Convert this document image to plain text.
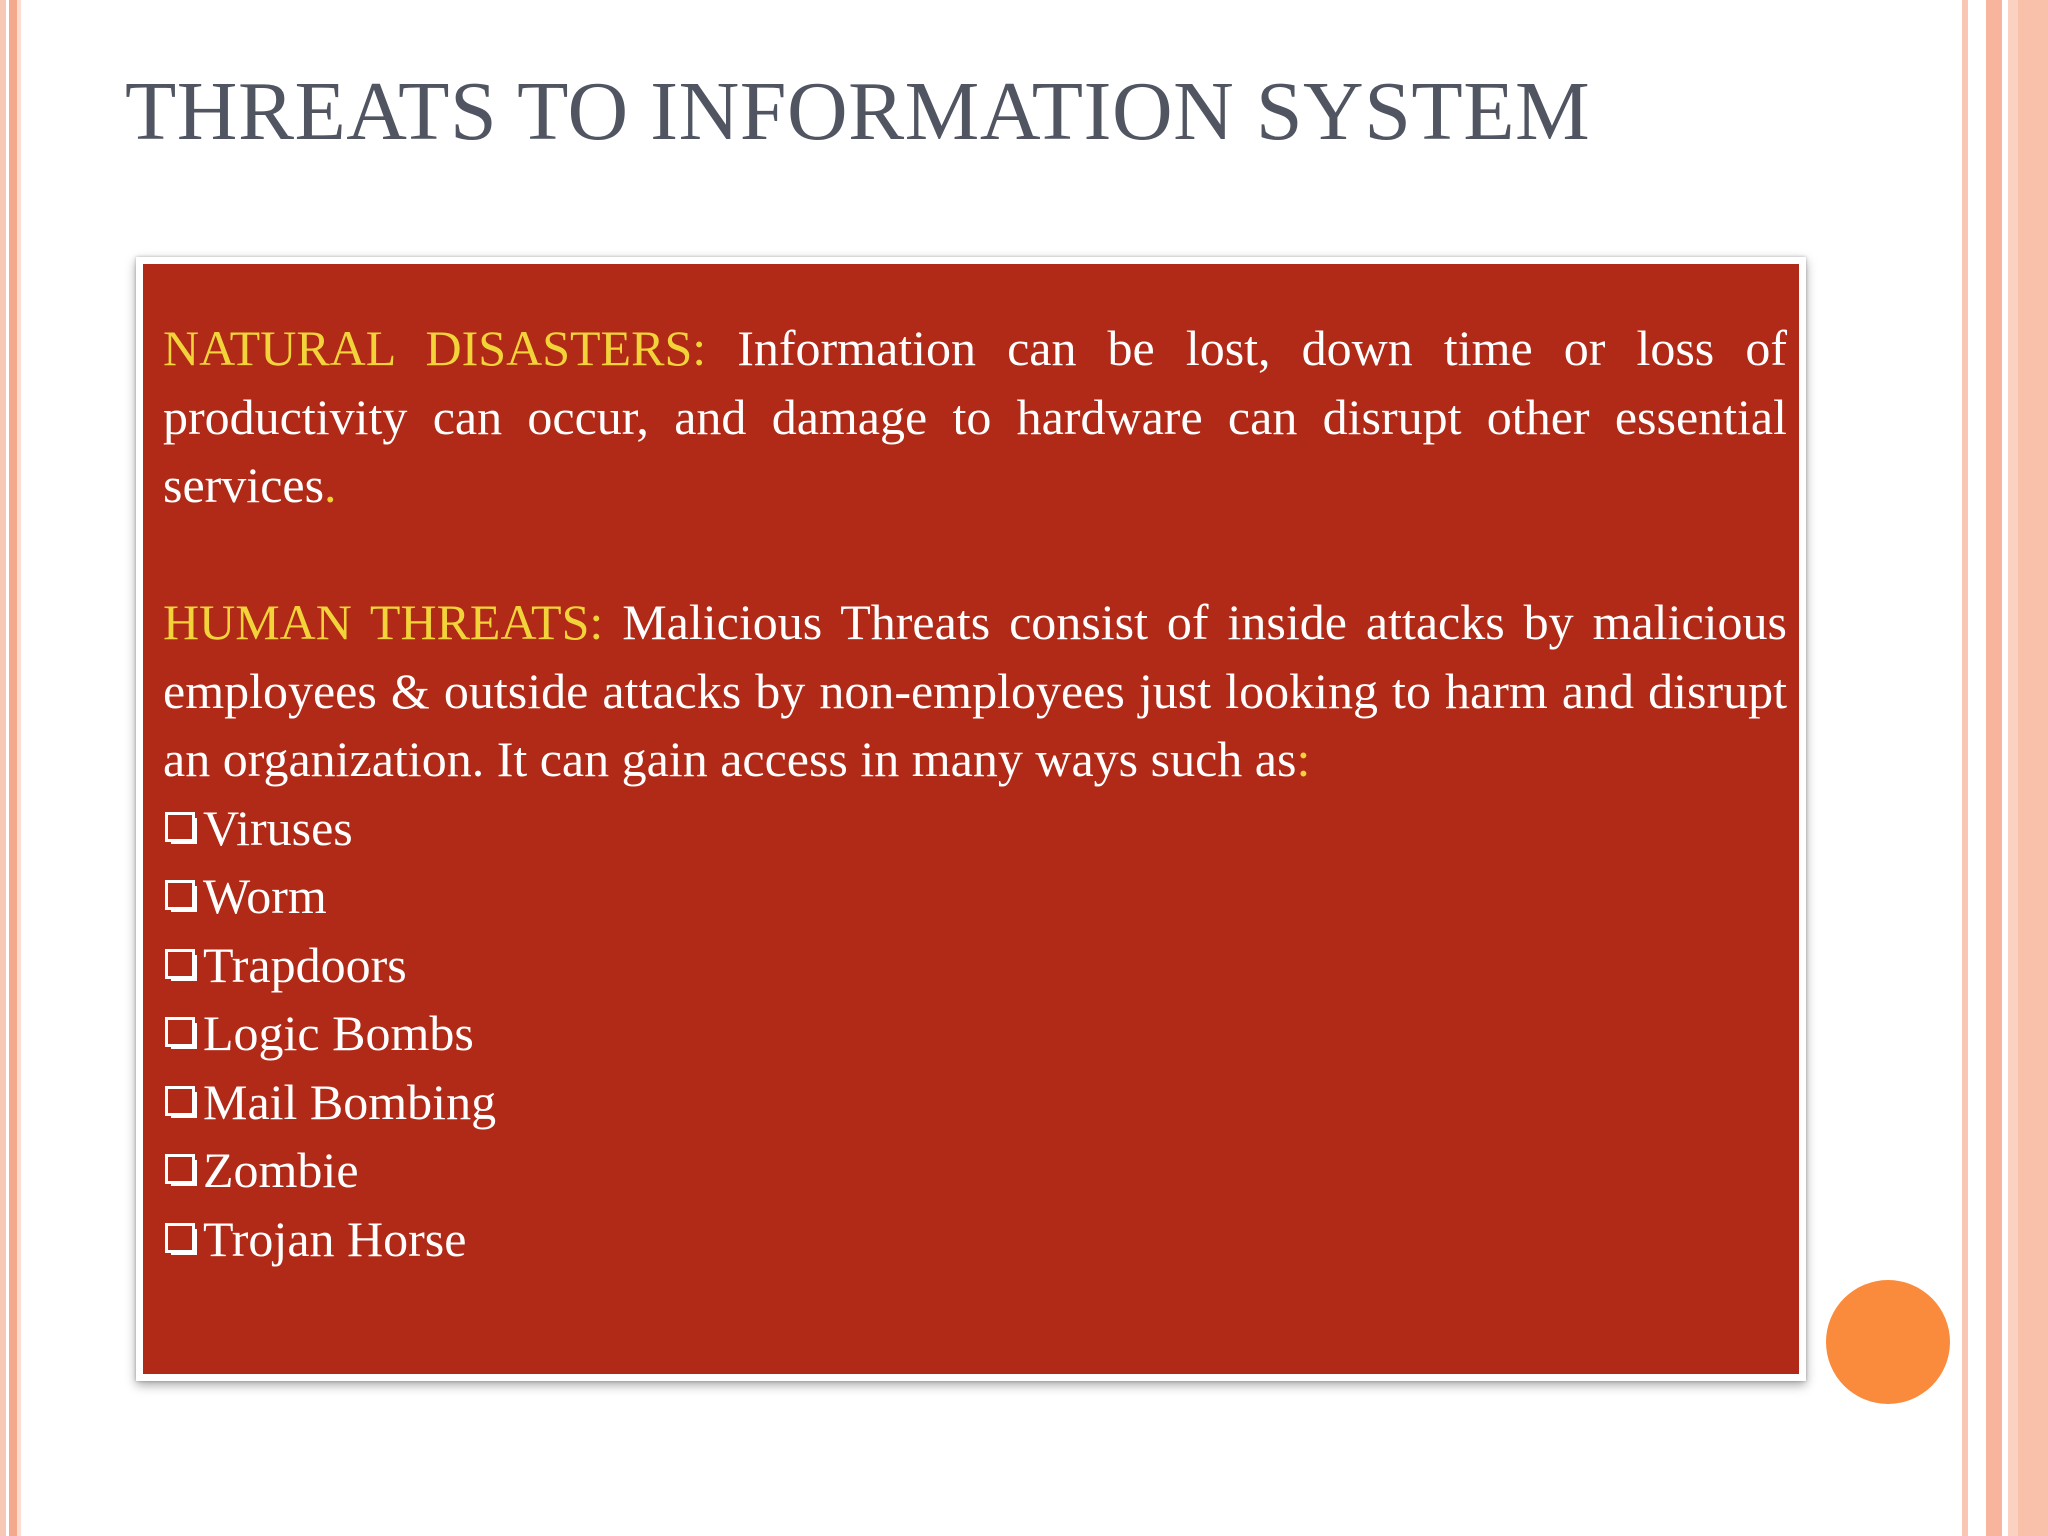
THREATS TO INFORMATION SYSTEM

NATURAL DISASTERS: Information can be lost, down time or loss of productivity can occur, and damage to hardware can disrupt other essential services.

HUMAN THREATS: Malicious Threats consist of inside attacks by malicious employees & outside attacks by non-employees just looking to harm and disrupt an organization. It can gain access in many ways such as:

Viruses
Worm
Trapdoors
Logic Bombs
Mail Bombing
Zombie
Trojan Horse
